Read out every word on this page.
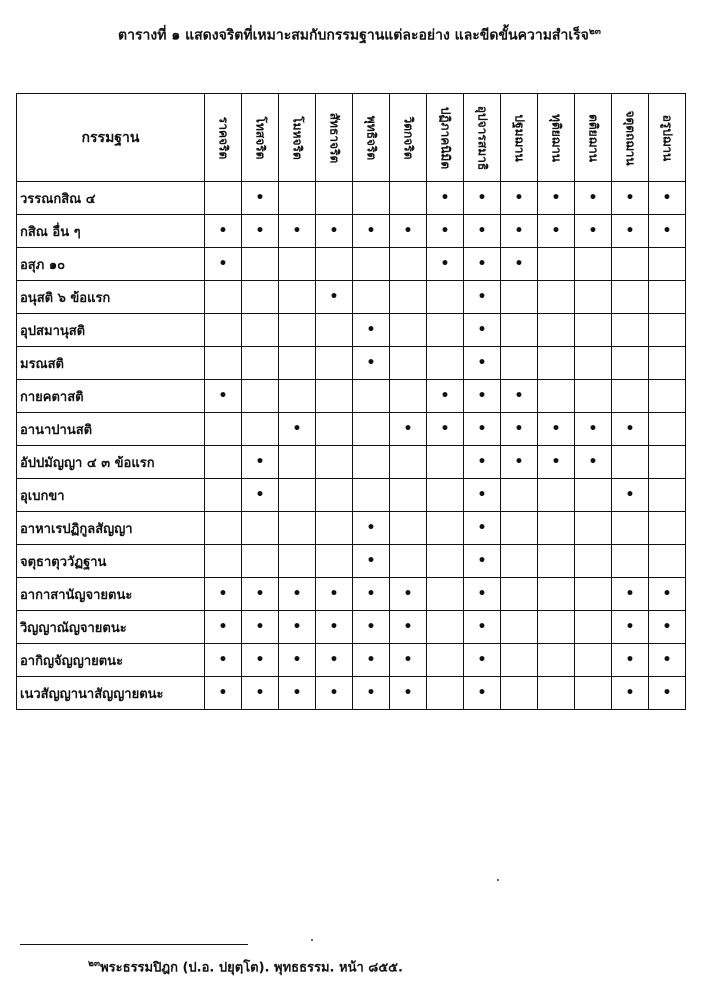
ตารางที่ ๑ แสดงจริตที่เหมาะสมกับกรรมฐานแต่ละอย่าง และขีดขั้นความสำเร็จ$^{๒๓}$
กรรมฐาน	ราคจริต	โทสจริต	โมหจริต	สัทธาจริต	พุทธิจริต	วิตกจริต	ปฏิภาคนิมิต	อุปจารสมาธิ	ปฐมฌาน	ทุติยฌาน	ตติยฌาน	จตุตถฌาน	อรูปฌาน

วรรณกสิณ ๔		•					•	•	•	•	•	•	•
กสิณ อื่น ๆ	•	•	•	•	•	•	•	•	•	•	•	•	•
อสุภ ๑๐	•						•	•	•				
อนุสติ ๖ ข้อแรก				•				•					
อุปสมานุสติ					•			•					
มรณสติ					•			•					
กายคตาสติ	•						•	•	•				
อานาปานสติ			•			•	•	•	•	•	•	•	
อัปปมัญญา ๔ ๓ ข้อแรก		•						•	•	•	•		
อุเบกขา		•						•				•	
อาหาเรปฏิกูลสัญญา					•			•					
จตุธาตุววัฏฐาน					•			•					
อากาสานัญจายตนะ	•	•	•	•	•	•		•				•	•
วิญญาณัญจายตนะ	•	•	•	•	•	•		•				•	•
อากิญจัญญายตนะ	•	•	•	•	•	•		•				•	•
เนวสัญญานาสัญญายตนะ	•	•	•	•	•	•		•				•	•
$^{๒๓}$พระธรรมปิฎก (ป.อ. ปยุตฺโต). พุทธธรรม. หน้า ๘๕๕.
